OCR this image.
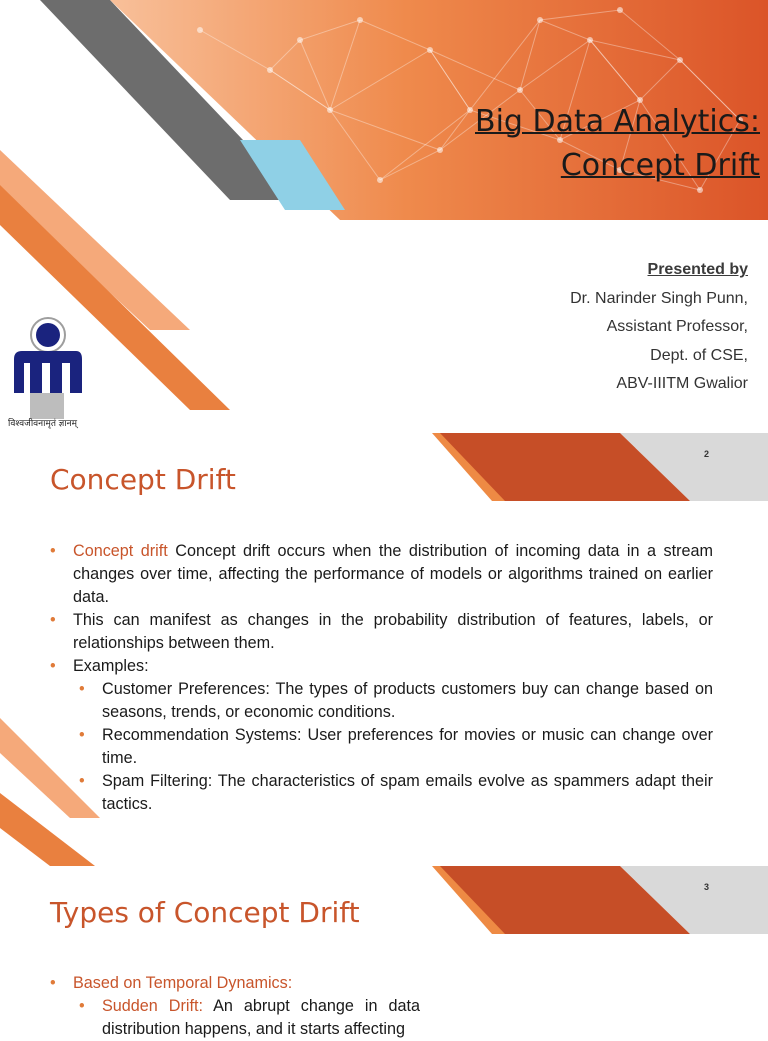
Big Data Analytics:
Concept Drift
Presented by
Dr. Narinder Singh Punn,
Assistant Professor,
Dept. of CSE,
ABV-IIITM Gwalior
विश्वजीवनामृतं ज्ञानम्
2
Concept Drift
• Concept drift Concept drift occurs when the distribution of incoming data in a stream changes over time, affecting the performance of models or algorithms trained on earlier data.
• This can manifest as changes in the probability distribution of features, labels, or relationships between them.
• Examples:
• Customer Preferences: The types of products customers buy can change based on seasons, trends, or economic conditions.
• Recommendation Systems: User preferences for movies or music can change over time.
• Spam Filtering: The characteristics of spam emails evolve as spammers adapt their tactics.
3
Types of Concept Drift
• Based on Temporal Dynamics:
• Sudden Drift: An abrupt change in data distribution happens, and it starts affecting
